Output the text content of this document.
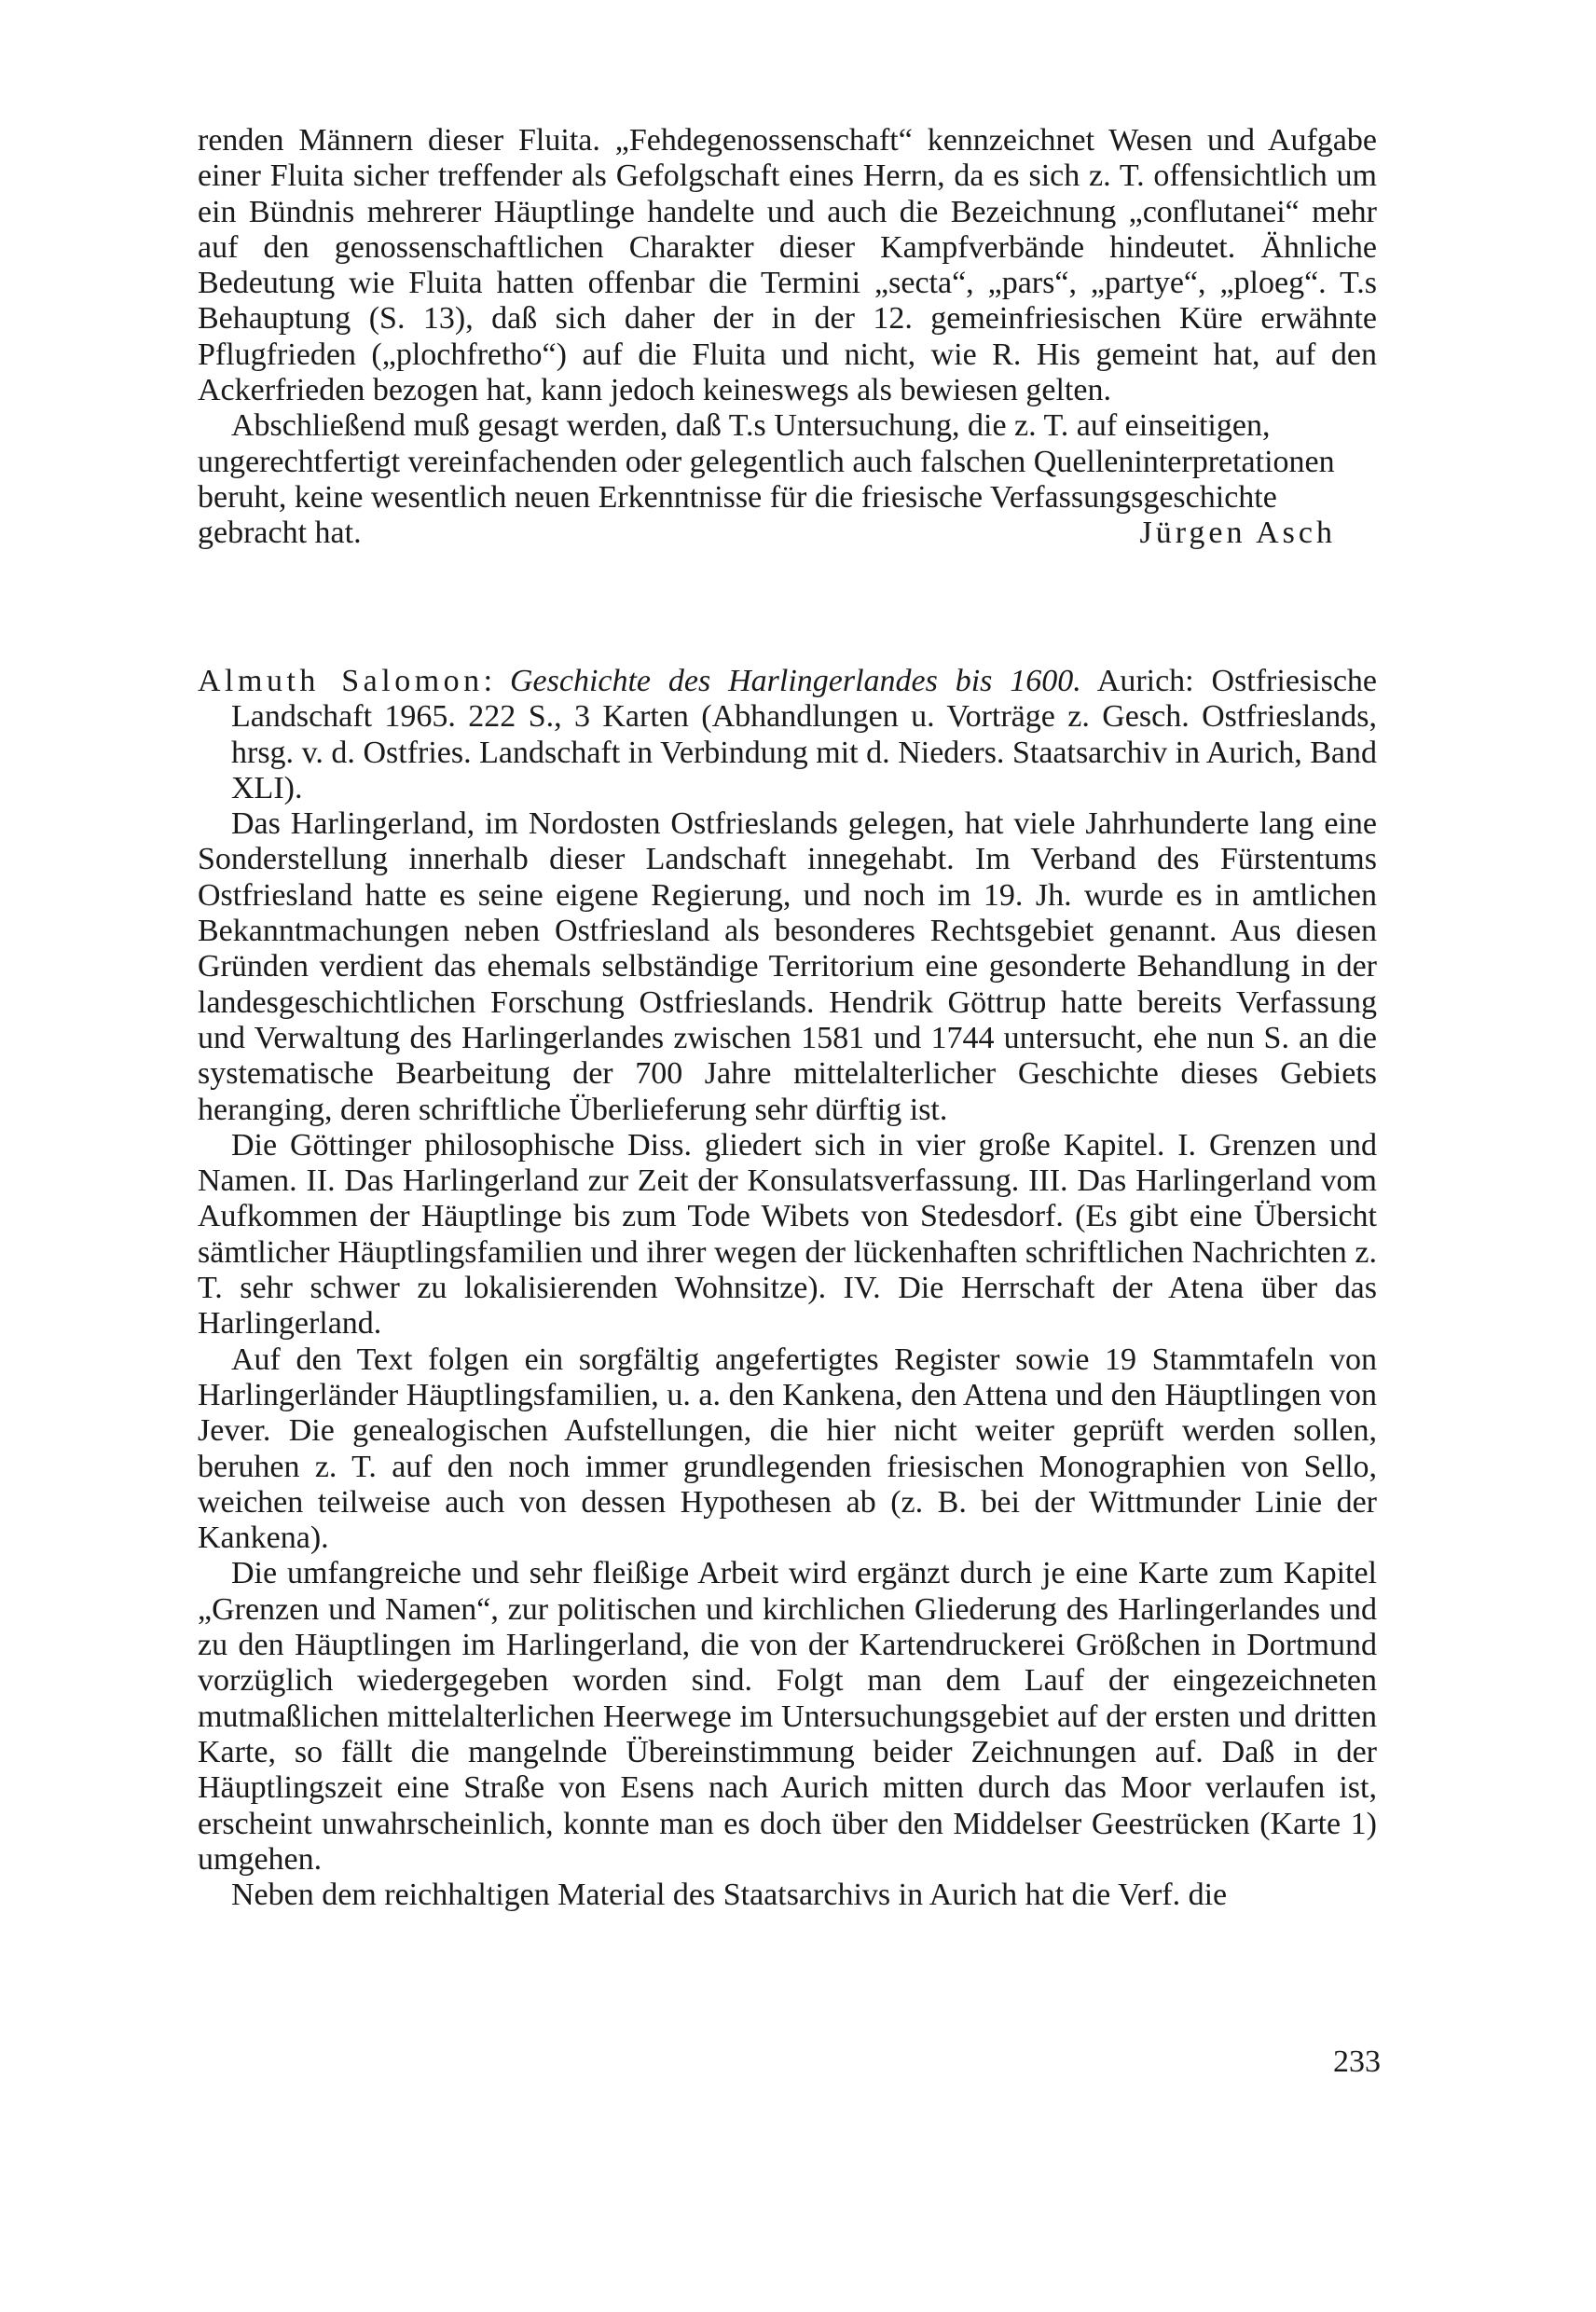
renden Männern dieser Fluita. „Fehdegenossenschaft“ kennzeichnet Wesen und Aufgabe einer Fluita sicher treffender als Gefolgschaft eines Herrn, da es sich z. T. offensichtlich um ein Bündnis mehrerer Häuptlinge handelte und auch die Bezeichnung „conflutanei“ mehr auf den genossenschaftlichen Charakter dieser Kampfverbände hindeutet. Ähnliche Bedeutung wie Fluita hatten offenbar die Termini „secta“, „pars“, „partye“, „ploeg“. T.s Behauptung (S. 13), daß sich daher der in der 12. gemeinfriesischen Küre erwähnte Pflugfrieden („plochfretho“) auf die Fluita und nicht, wie R. His gemeint hat, auf den Ackerfrieden bezogen hat, kann jedoch keineswegs als bewiesen gelten.

Abschließend muß gesagt werden, daß T.s Untersuchung, die z. T. auf einseitigen, ungerechtfertigt vereinfachenden oder gelegentlich auch falschen Quelleninterpretationen beruht, keine wesentlich neuen Erkenntnisse für die friesische Verfassungsgeschichte gebracht hat.	Jürgen Asch

Almuth Salomon: Geschichte des Harlingerlandes bis 1600. Aurich: Ostfriesische Landschaft 1965. 222 S., 3 Karten (Abhandlungen u. Vorträge z. Gesch. Ostfrieslands, hrsg. v. d. Ostfries. Landschaft in Verbindung mit d. Nieders. Staatsarchiv in Aurich, Band XLI).

Das Harlingerland, im Nordosten Ostfrieslands gelegen, hat viele Jahrhunderte lang eine Sonderstellung innerhalb dieser Landschaft innegehabt. Im Verband des Fürstentums Ostfriesland hatte es seine eigene Regierung, und noch im 19. Jh. wurde es in amtlichen Bekanntmachungen neben Ostfriesland als besonderes Rechtsgebiet genannt. Aus diesen Gründen verdient das ehemals selbständige Territorium eine gesonderte Behandlung in der landesgeschichtlichen Forschung Ostfrieslands. Hendrik Göttrup hatte bereits Verfassung und Verwaltung des Harlingerlandes zwischen 1581 und 1744 untersucht, ehe nun S. an die systematische Bearbeitung der 700 Jahre mittelalterlicher Geschichte dieses Gebiets heranging, deren schriftliche Überlieferung sehr dürftig ist.

Die Göttinger philosophische Diss. gliedert sich in vier große Kapitel. I. Grenzen und Namen. II. Das Harlingerland zur Zeit der Konsulatsverfassung. III. Das Harlingerland vom Aufkommen der Häuptlinge bis zum Tode Wibets von Stedesdorf. (Es gibt eine Übersicht sämtlicher Häuptlingsfamilien und ihrer wegen der lückenhaften schriftlichen Nachrichten z. T. sehr schwer zu lokalisierenden Wohnsitze). IV. Die Herrschaft der Atena über das Harlingerland.

Auf den Text folgen ein sorgfältig angefertigtes Register sowie 19 Stammtafeln von Harlingerländer Häuptlingsfamilien, u. a. den Kankena, den Attena und den Häuptlingen von Jever. Die genealogischen Aufstellungen, die hier nicht weiter geprüft werden sollen, beruhen z. T. auf den noch immer grundlegenden friesischen Monographien von Sello, weichen teilweise auch von dessen Hypothesen ab (z. B. bei der Wittmunder Linie der Kankena).

Die umfangreiche und sehr fleißige Arbeit wird ergänzt durch je eine Karte zum Kapitel „Grenzen und Namen“, zur politischen und kirchlichen Gliederung des Harlingerlandes und zu den Häuptlingen im Harlingerland, die von der Kartendruckerei Größchen in Dortmund vorzüglich wiedergegeben worden sind. Folgt man dem Lauf der eingezeichneten mutmaßlichen mittelalterlichen Heerwege im Untersuchungsgebiet auf der ersten und dritten Karte, so fällt die mangelnde Übereinstimmung beider Zeichnungen auf. Daß in der Häuptlingszeit eine Straße von Esens nach Aurich mitten durch das Moor verlaufen ist, erscheint unwahrscheinlich, konnte man es doch über den Middelser Geestrücken (Karte 1) umgehen.

Neben dem reichhaltigen Material des Staatsarchivs in Aurich hat die Verf. die

233
